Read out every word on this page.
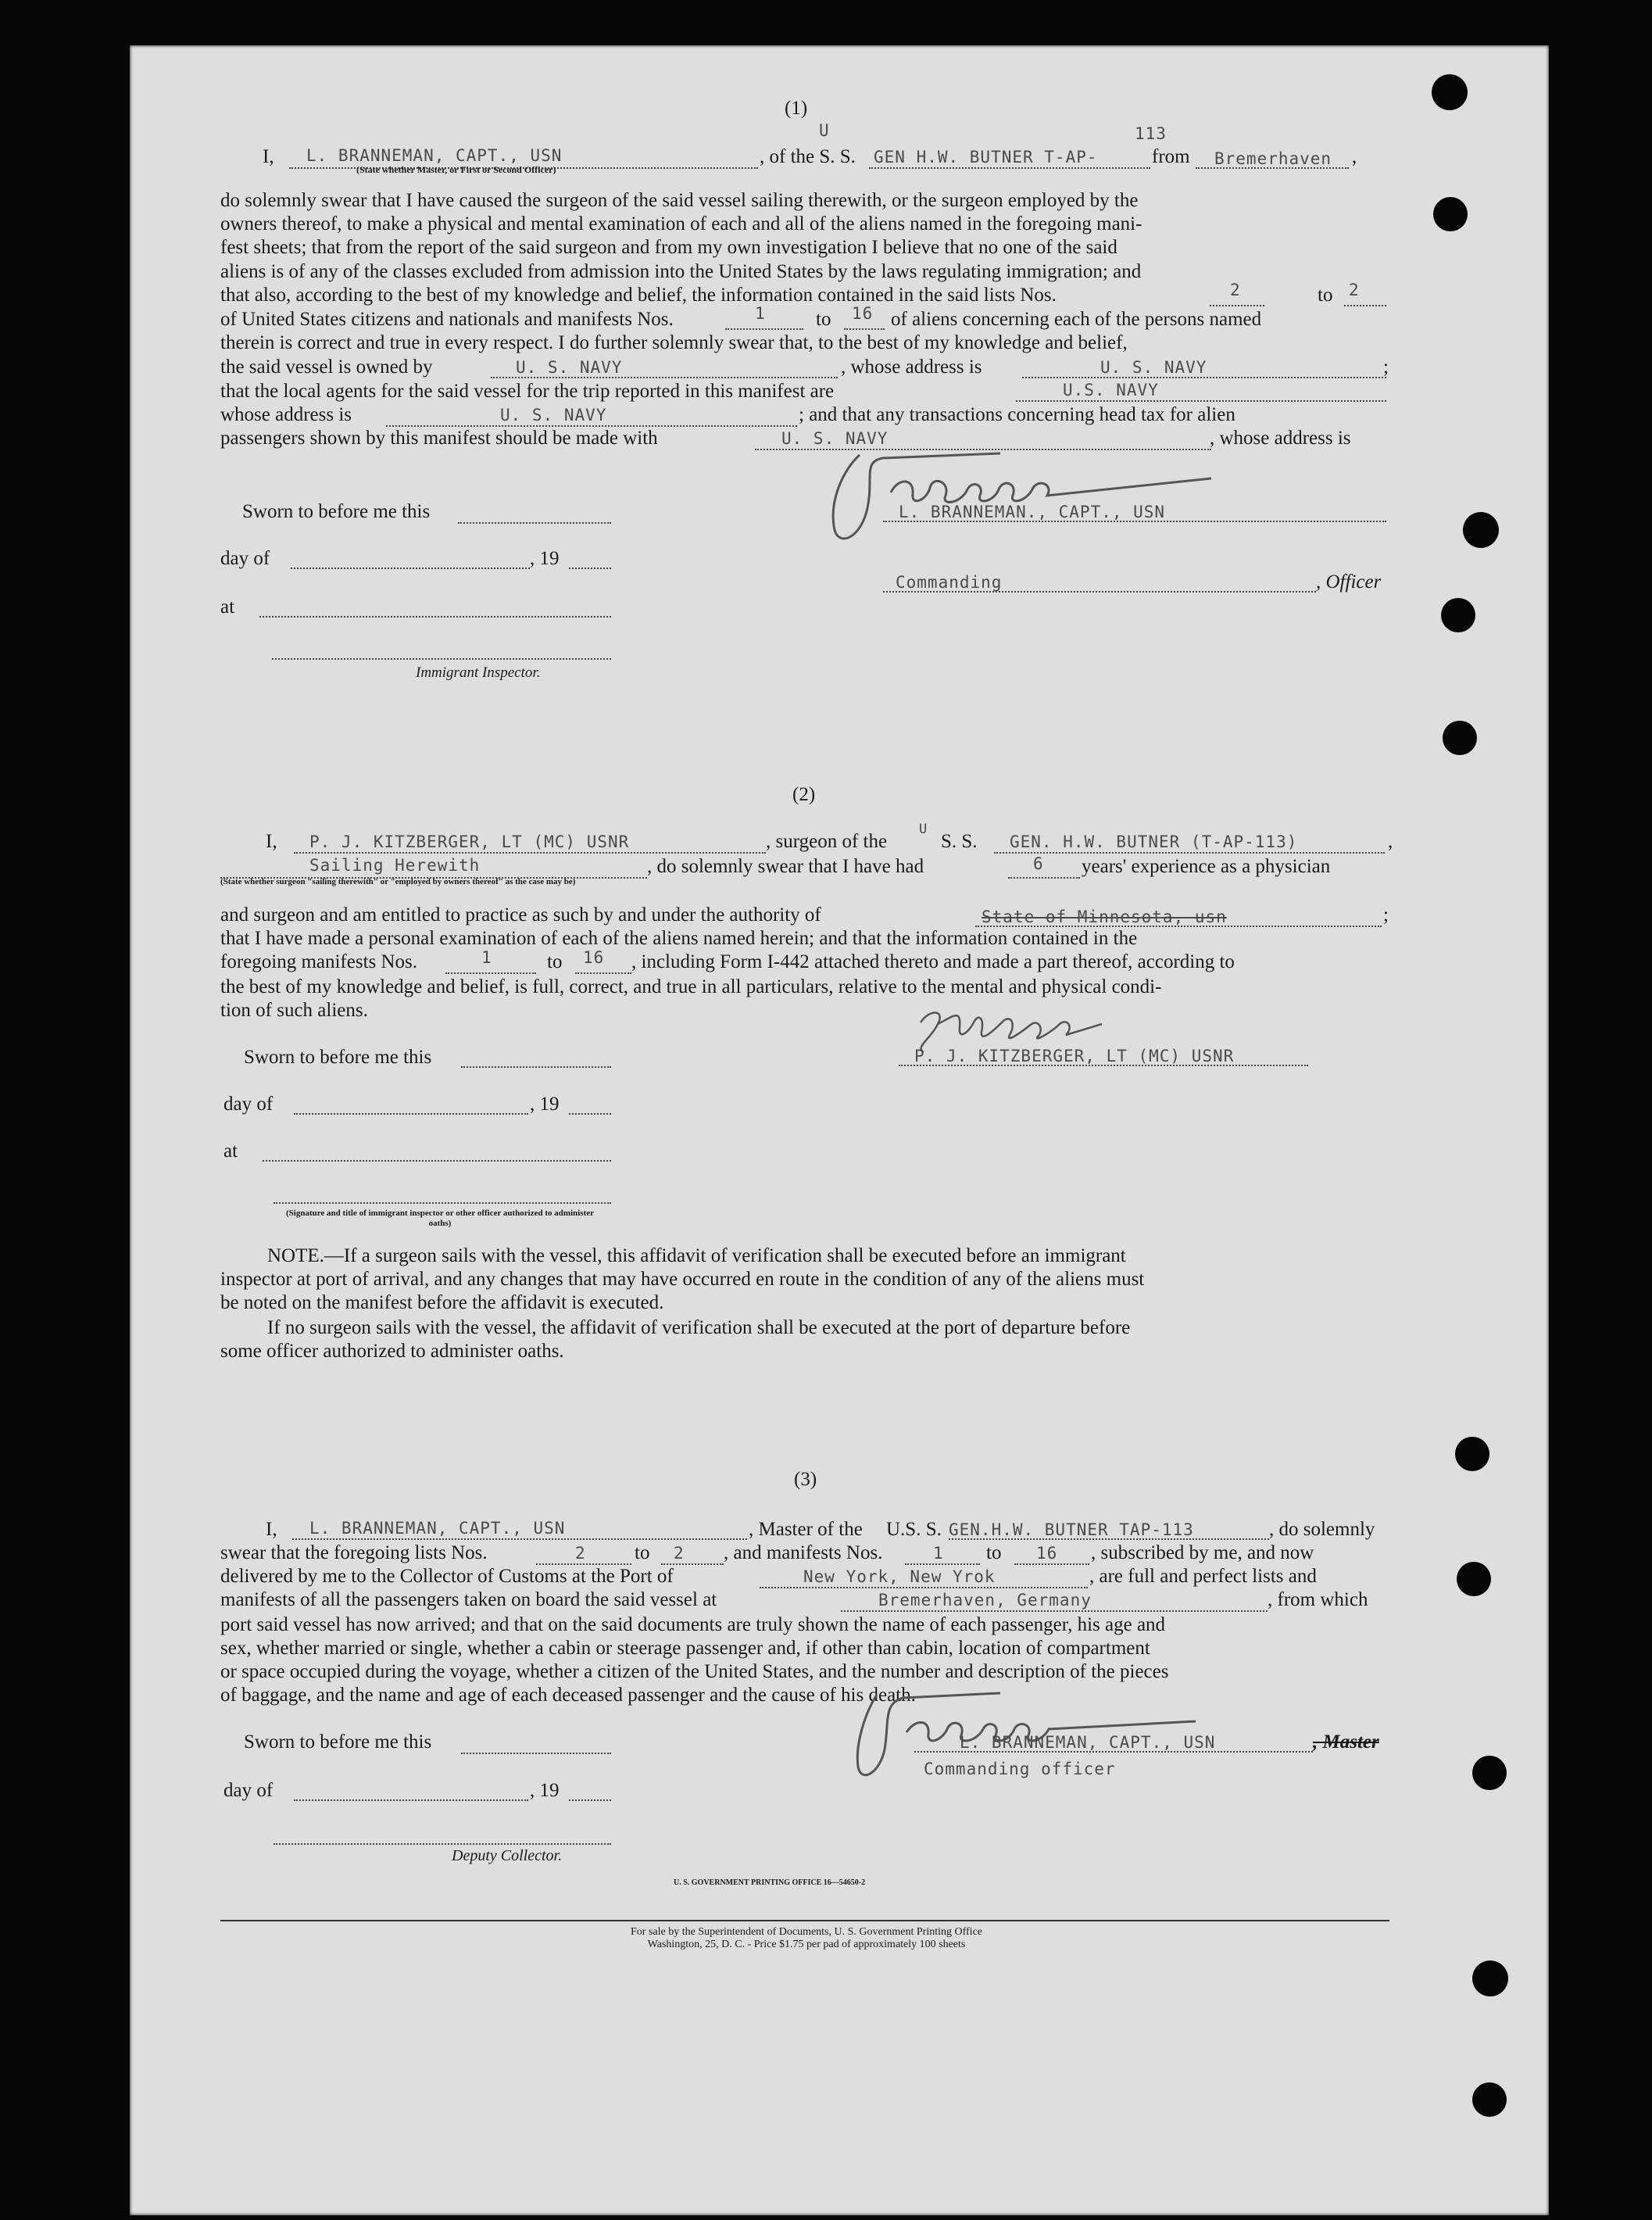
(1)
U	113
I, L. BRANNEMAN, CAPT., USN
(State whether Master, or First or Second Officer)
, of the S. S. GEN H.W. BUTNER T-AP-	from Bremerhaven ,
do solemnly swear that I have caused the surgeon of the said vessel sailing therewith, or the surgeon employed by the
owners thereof, to make a physical and mental examination of each and all of the aliens named in the foregoing mani-
fest sheets; that from the report of the said surgeon and from my own investigation I believe that no one of the said
aliens is of any of the classes excluded from admission into the United States by the laws regulating immigration; and
that also, according to the best of my knowledge and belief, the information contained in the said lists Nos.	2	to 2
of United States citizens and nationals and manifests Nos.	1	to 16 of aliens concerning each of the persons named
therein is correct and true in every respect. I do further solemnly swear that, to the best of my knowledge and belief,
the said vessel is owned by	U. S. NAVY	, whose address is	U. S. NAVY	;
that the local agents for the said vessel for the trip reported in this manifest are	U.S. NAVY
whose address is	U. S. NAVY	; and that any transactions concerning head tax for alien
passengers shown by this manifest should be made with	U. S. NAVY	, whose address is
Sworn to before me this	L. BRANNEMAN., CAPT., USN
day of	, 19
Commanding	, Officer
at
Immigrant Inspector.
(2)
I, P. J. KITZBERGER, LT (MC) USNR	, surgeon of the
U
S. S. GEN. H.W. BUTNER (T-AP-113)	,
Sailing Herewith	, do solemnly swear that I have had	6 years' experience as a physician
(State whether surgeon "sailing therewith" or "employed by owners thereof" as the case may be)
and surgeon and am entitled to practice as such by and under the authority of	State of Minnesota, usn	;
that I have made a personal examination of each of the aliens named herein; and that the information contained in the
foregoing manifests Nos.	1	to 16 , including Form I-442 attached thereto and made a part thereof, according to
the best of my knowledge and belief, is full, correct, and true in all particulars, relative to the mental and physical condi-
tion of such aliens.
Sworn to before me this	P. J. KITZBERGER, LT (MC) USNR
day of	, 19
at
(Signature and title of immigrant inspector or other officer authorized to administer oaths)
NOTE.—If a surgeon sails with the vessel, this affidavit of verification shall be executed before an immigrant
inspector at port of arrival, and any changes that may have occurred en route in the condition of any of the aliens must
be noted on the manifest before the affidavit is executed.
If no surgeon sails with the vessel, the affidavit of verification shall be executed at the port of departure before
some officer authorized to administer oaths.
(3)
I, L. BRANNEMAN, CAPT., USN	, Master of the U.S. S. GEN.H.W. BUTNER TAP-113	, do solemnly
swear that the foregoing lists Nos.	2 to 2 , and manifests Nos.	1 to 16 , subscribed by me, and now
delivered by me to the Collector of Customs at the Port of	New York, New Yrok	, are full and perfect lists and
manifests of all the passengers taken on board the said vessel at	Bremerhaven, Germany	, from which
port said vessel has now arrived; and that on the said documents are truly shown the name of each passenger, his age and
sex, whether married or single, whether a cabin or steerage passenger and, if other than cabin, location of compartment
or space occupied during the voyage, whether a citizen of the United States, and the number and description of the pieces
of baggage, and the name and age of each deceased passenger and the cause of his death.
Sworn to before me this	L. BRANNEMAN, CAPT., USN	, Master
Commanding officer
day of	, 19
Deputy Collector.
U. S. GOVERNMENT PRINTING OFFICE 16—54650-2
For sale by the Superintendent of Documents, U. S. Government Printing Office
Washington, 25, D. C. - Price $1.75 per pad of approximately 100 sheets
